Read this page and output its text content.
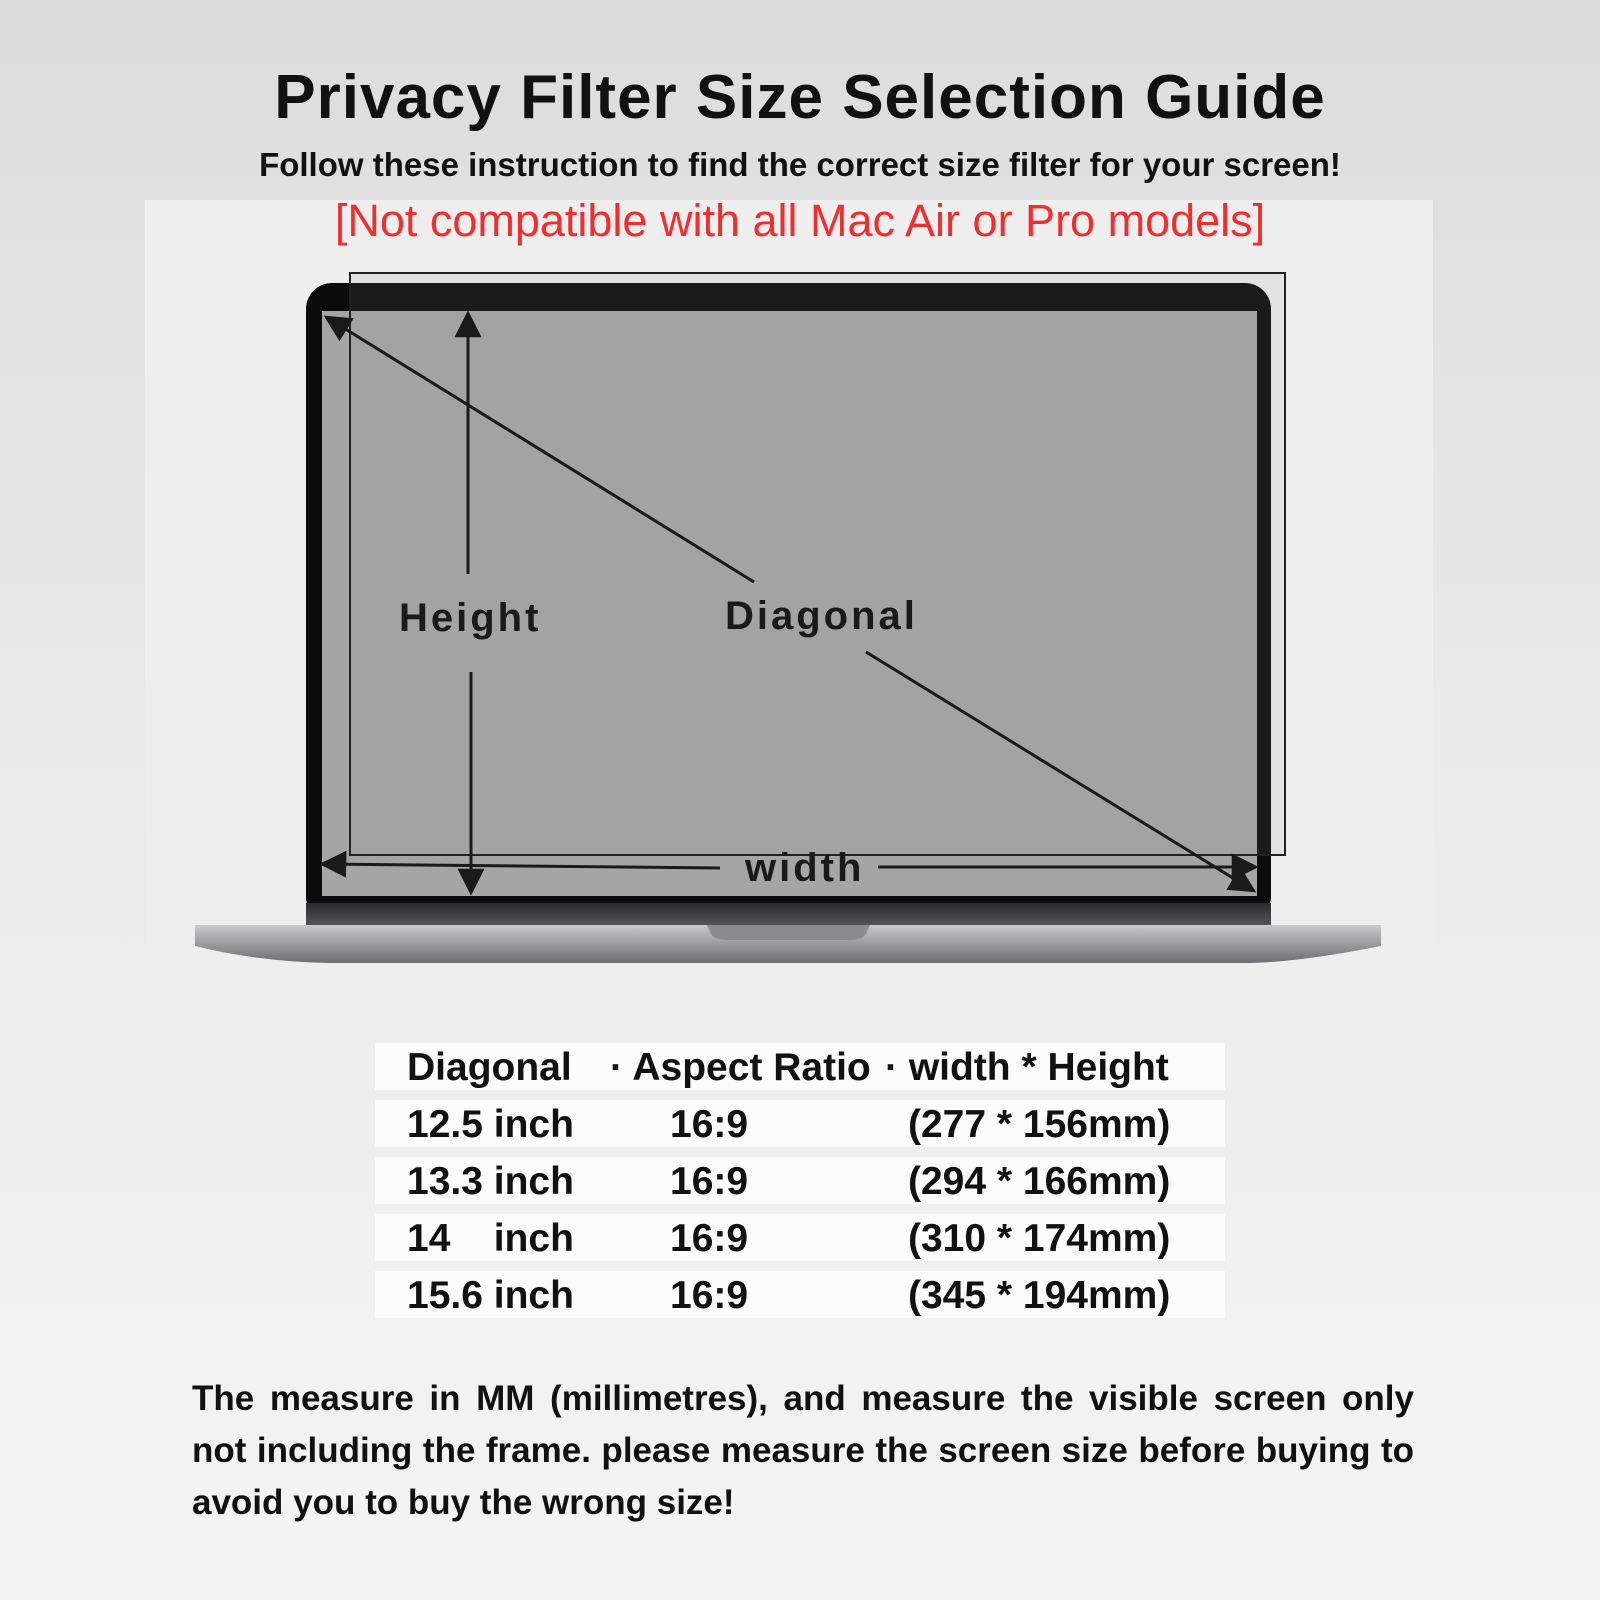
Privacy Filter Size Selection Guide
Follow these instruction to find the correct size filter for your screen!
[Not compatible with all Mac Air or Pro models]
Height	Diagonal
width
Diagonal · Aspect Ratio · width * Height
12.5 inch 16:9	(277 * 156mm)
13.3 inch 16:9	(294 * 166mm)
14    inch 16:9	(310 * 174mm)
15.6 inch 16:9	(345 * 194mm)
The measure in MM (millimetres), and measure the visible screen only not including the frame. please measure the screen size before buying to avoid you to buy the wrong size!
